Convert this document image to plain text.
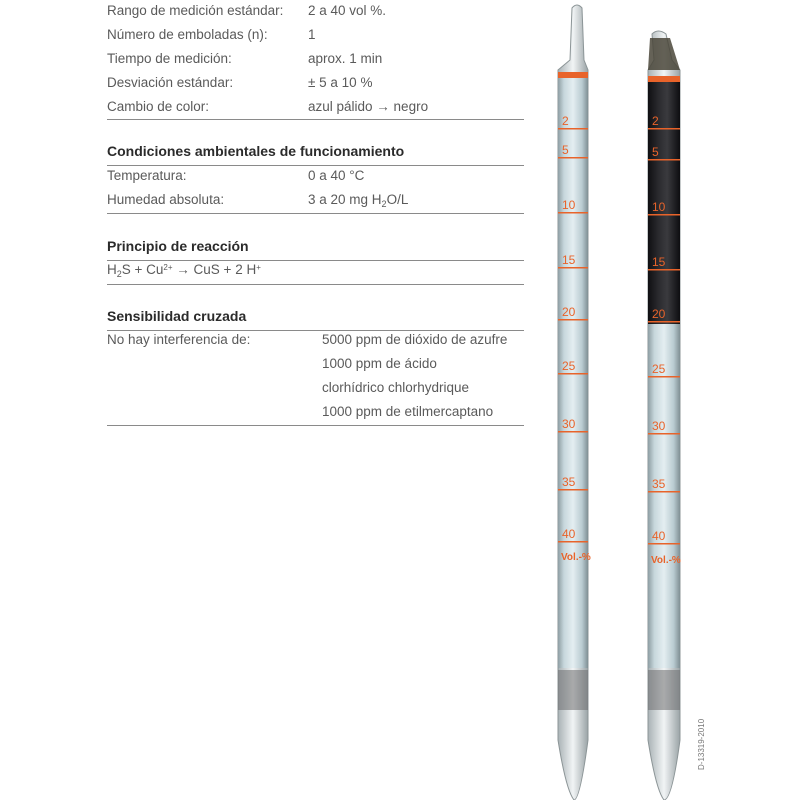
Rango de medición estándar: 2 a 40 vol %.
Número de emboladas (n):	1
Tiempo de medición:	aprox. 1 min
Desviación estándar:	± 5 a 10 %
Cambio de color:	azul pálido → negro
Condiciones ambientales de funcionamiento
Temperatura:	0 a 40 °C
Humedad absoluta:	3 a 20 mg $H_2O/L$
Principio de reacción
$H_2S + Cu^{2+}$ → CuS + 2 H+
Sensibilidad cruzada
No hay interferencia de:	5000 ppm de dióxido de azufre
1000 ppm de ácido
clorhídrico chlorhydrique
1000 ppm de etilmercaptano
2
5
10
15
20
25
30
35
40
Vol.-%
2
5
10
15
20
25
30
35
40
Vol.-%
D-13319-2010
